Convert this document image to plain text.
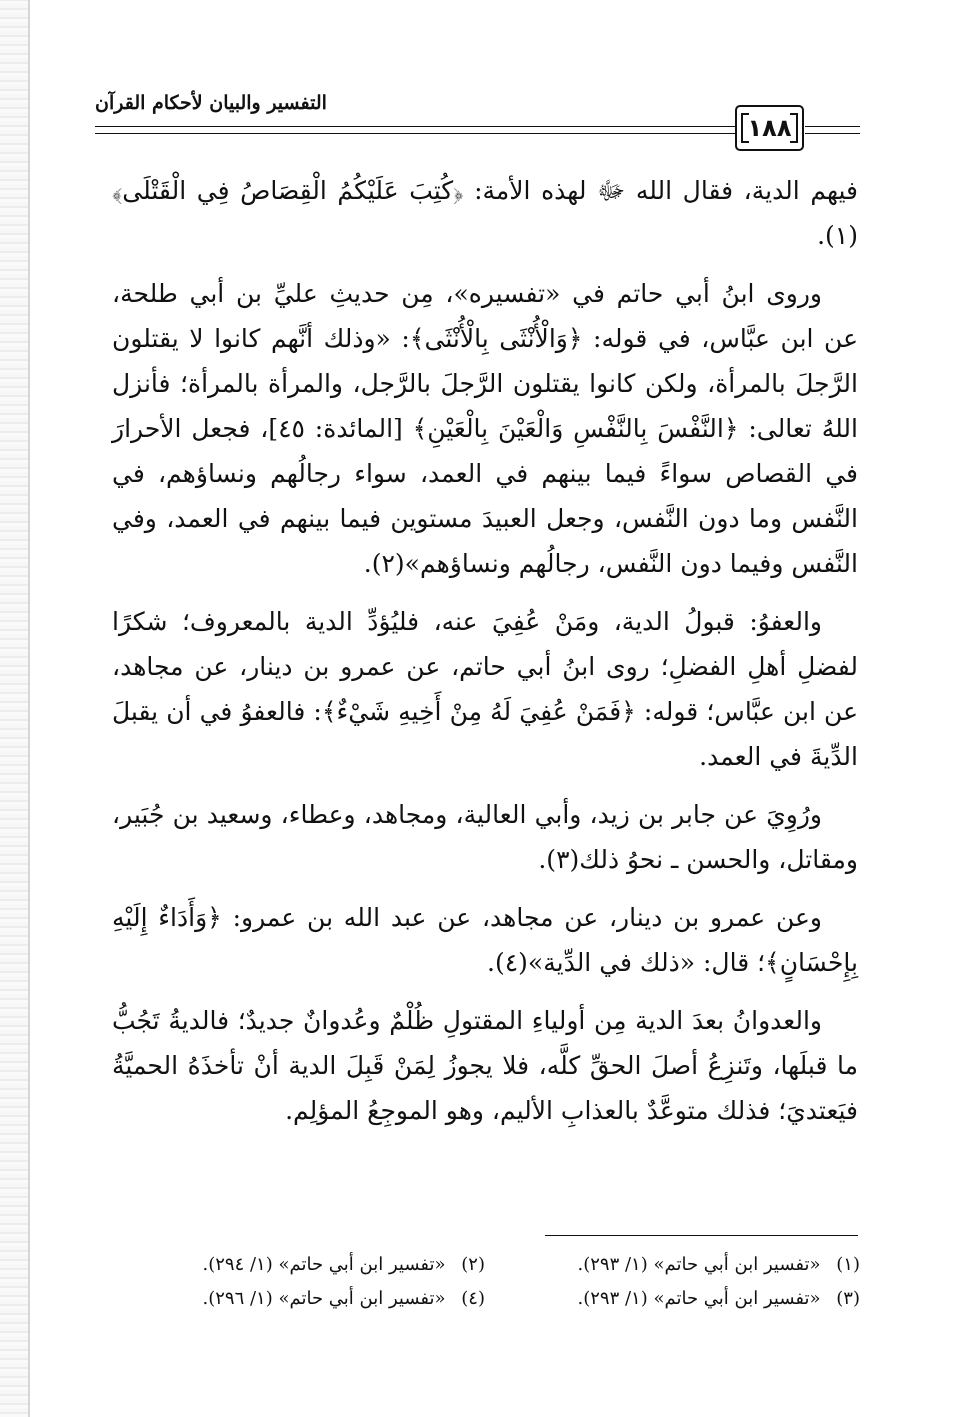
التفسير والبيان لأحكام القرآن
١٨٨

فيهم الدية، فقال الله ﷻ لهذه الأمة: ﴿كُتِبَ عَلَيْكُمُ الْقِصَاصُ فِي الْقَتْلَى﴾(١).

وروى ابنُ أبي حاتم في «تفسيره»، مِن حديثِ عليِّ بن أبي طلحة، عن ابن عبَّاس، في قوله: ﴿وَالْأُنْثَى بِالْأُنْثَى﴾: «وذلك أنَّهم كانوا لا يقتلون الرَّجلَ بالمرأة، ولكن كانوا يقتلون الرَّجلَ بالرَّجل، والمرأة بالمرأة؛ فأنزل اللهُ تعالى: ﴿النَّفْسَ بِالنَّفْسِ وَالْعَيْنَ بِالْعَيْنِ﴾ [المائدة: ٤٥]، فجعل الأحرارَ في القصاص سواءً فيما بينهم في العمد، سواء رجالُهم ونساؤهم، في النَّفس وما دون النَّفس، وجعل العبيدَ مستوين فيما بينهم في العمد، وفي النَّفس وفيما دون النَّفس، رجالُهم ونساؤهم»(٢).

والعفوُ: قبولُ الدية، ومَنْ عُفِيَ عنه، فليُؤدِّ الدية بالمعروف؛ شكرًا لفضلِ أهلِ الفضلِ؛ روى ابنُ أبي حاتم، عن عمرو بن دينار، عن مجاهد، عن ابن عبَّاس؛ قوله: ﴿فَمَنْ عُفِيَ لَهُ مِنْ أَخِيهِ شَيْءٌ﴾: فالعفوُ في أن يقبلَ الدِّيةَ في العمد.

ورُوِيَ عن جابر بن زيد، وأبي العالية، ومجاهد، وعطاء، وسعيد بن جُبَير، ومقاتل، والحسن ـ نحوُ ذلك(٣).

وعن عمرو بن دينار، عن مجاهد، عن عبد الله بن عمرو: ﴿وَأَدَاءٌ إِلَيْهِ بِإِحْسَانٍ﴾؛ قال: «ذلك في الدِّية»(٤).

والعدوانُ بعدَ الدية مِن أولياءِ المقتولِ ظُلْمٌ وعُدوانٌ جديدٌ؛ فالديةُ تَجُبُّ ما قبلَها، وتَنزِعُ أصلَ الحقِّ كلَّه، فلا يجوزُ لِمَنْ قَبِلَ الدية أنْ تأخذَهُ الحميَّةُ فيَعتديَ؛ فذلك متوعَّدٌ بالعذابِ الأليم، وهو الموجِعُ المؤلِم.

(١) «تفسير ابن أبي حاتم» (١/ ٢٩٣).
(٢) «تفسير ابن أبي حاتم» (١/ ٢٩٤).
(٣) «تفسير ابن أبي حاتم» (١/ ٢٩٣).
(٤) «تفسير ابن أبي حاتم» (١/ ٢٩٦).
